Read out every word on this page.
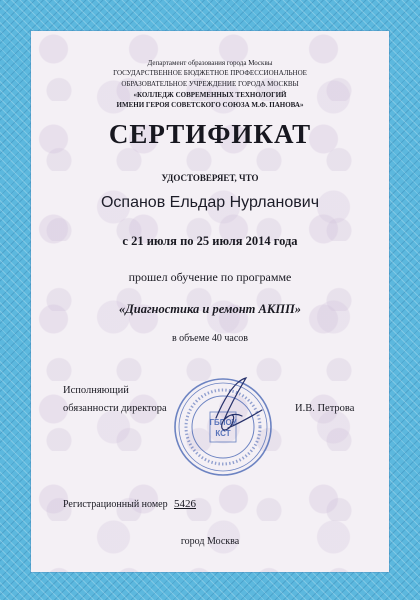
Департамент образования города Москвы
ГОСУДАРСТВЕННОЕ БЮДЖЕТНОЕ ПРОФЕССИОНАЛЬНОЕ
ОБРАЗОВАТЕЛЬНОЕ УЧРЕЖДЕНИЕ ГОРОДА МОСКВЫ
«КОЛЛЕДЖ СОВРЕМЕННЫХ ТЕХНОЛОГИЙ
ИМЕНИ ГЕРОЯ СОВЕТСКОГО СОЮЗА М.Ф. ПАНОВА»
СЕРТИФИКАТ
УДОСТОВЕРЯЕТ, ЧТО
Оспанов Ельдар Нурланович
с 21 июля по 25 июля 2014 года
прошел обучение по программе
«Диагностика и ремонт АКПП»
в объеме 40 часов
Исполняющий
обязанности директора	И.В. Петрова
ГБПОУ
КСТ
Регистрационный номер 5426
город Москва
